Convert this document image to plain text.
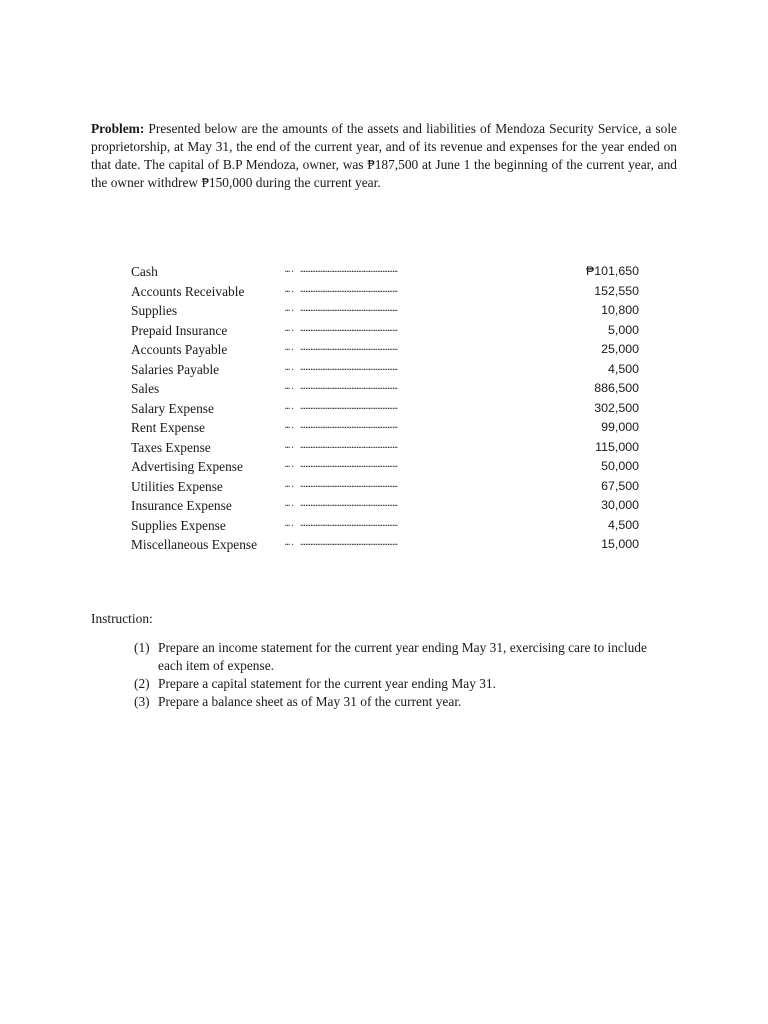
Problem: Presented below are the amounts of the assets and liabilities of Mendoza Security Service, a sole proprietorship, at May 31, the end of the current year, and of its revenue and expenses for the year ended on that date. The capital of B.P Mendoza, owner, was ₱187,500 at June 1 the beginning of the current year, and the owner withdrew ₱150,000 during the current year.

Cash	…. …………………………………………………	₱101,650
Accounts Receivable	…. …………………………………………………	152,550
Supplies	…. …………………………………………………	10,800
Prepaid Insurance	…. …………………………………………………	5,000
Accounts Payable	…. …………………………………………………	25,000
Salaries Payable	…. …………………………………………………	4,500
Sales	…. …………………………………………………	886,500
Salary Expense	…. …………………………………………………	302,500
Rent Expense	…. …………………………………………………	99,000
Taxes Expense	…. …………………………………………………	115,000
Advertising Expense	…. …………………………………………………	50,000
Utilities Expense	…. …………………………………………………	67,500
Insurance Expense	…. …………………………………………………	30,000
Supplies Expense	…. …………………………………………………	4,500
Miscellaneous Expense	…. …………………………………………………	15,000
Instruction:
(1) Prepare an income statement for the current year ending May 31, exercising care to include each item of expense.
(2) Prepare a capital statement for the current year ending May 31.
(3) Prepare a balance sheet as of May 31 of the current year.
